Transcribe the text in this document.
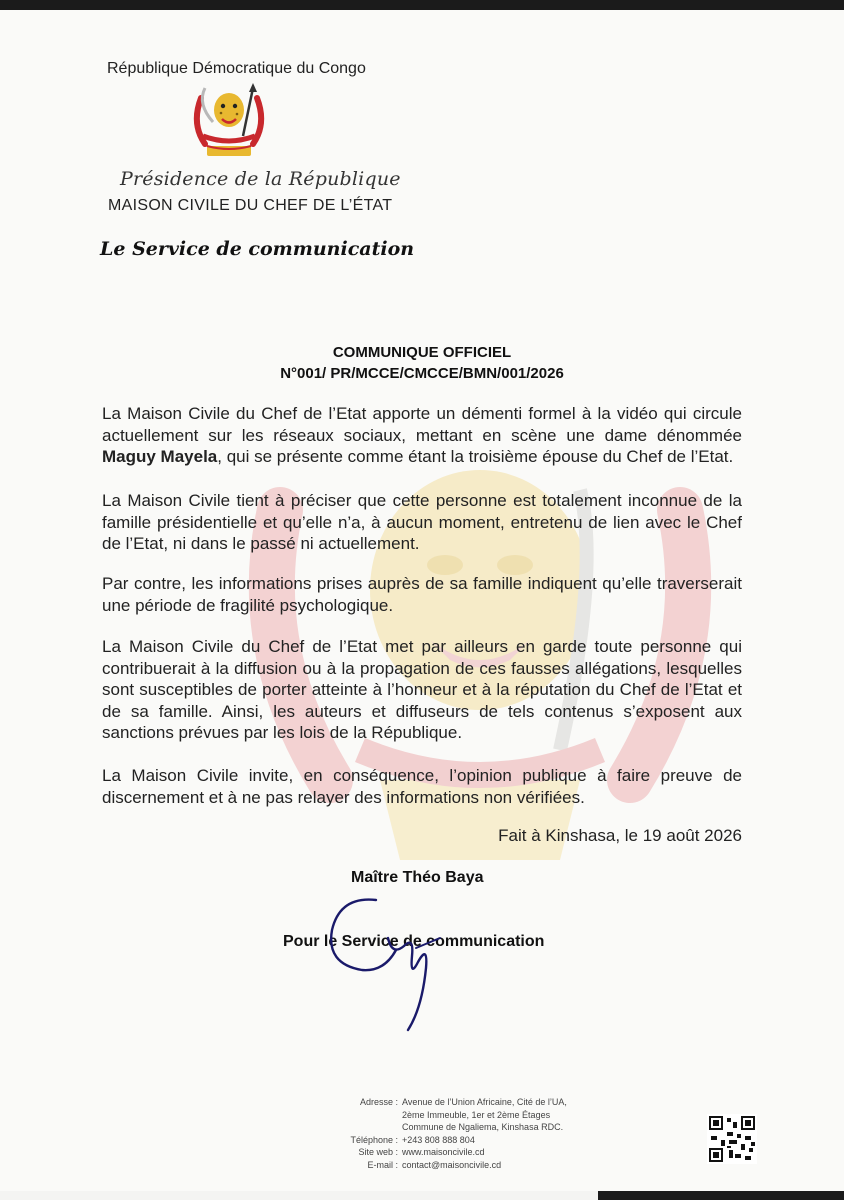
République Démocratique du Congo
Présidence de la République
MAISON CIVILE DU CHEF DE L’ÉTAT
Le Service de communication
COMMUNIQUE OFFICIEL
N°001/ PR/MCCE/CMCCE/BMN/001/2026

La Maison Civile du Chef de l’Etat apporte un démenti formel à la vidéo qui circule actuellement sur les réseaux sociaux, mettant en scène une dame dénommée Maguy Mayela, qui se présente comme étant la troisième épouse du Chef de l’Etat.

La Maison Civile tient à préciser que cette personne est totalement inconnue de la famille présidentielle et qu’elle n’a, à aucun moment, entretenu de lien avec le Chef de l’Etat, ni dans le passé ni actuellement.
Par contre, les informations prises auprès de sa famille indiquent qu’elle traverserait une période de fragilité psychologique.
La Maison Civile du Chef de l’Etat met par ailleurs en garde toute personne qui contribuerait à la diffusion ou à la propagation de ces fausses allégations, lesquelles sont susceptibles de porter atteinte à l’honneur et à la réputation du Chef de l’Etat et de sa famille. Ainsi, les auteurs et diffuseurs de tels contenus s’exposent aux sanctions prévues par les lois de la République.
La Maison Civile invite, en conséquence, l’opinion publique à faire preuve de discernement et à ne pas relayer des informations non vérifiées.
Fait à Kinshasa, le 19 août 2026
Maître Théo Baya
Pour le Service de communication
Adresse : Avenue de l’Union Africaine, Cité de l’UA,
2ème Immeuble, 1er et 2ème Étages
Commune de Ngaliema, Kinshasa RDC.
Téléphone : +243 808 888 804
Site web : www.maisoncivile.cd
E-mail : contact@maisoncivile.cd
